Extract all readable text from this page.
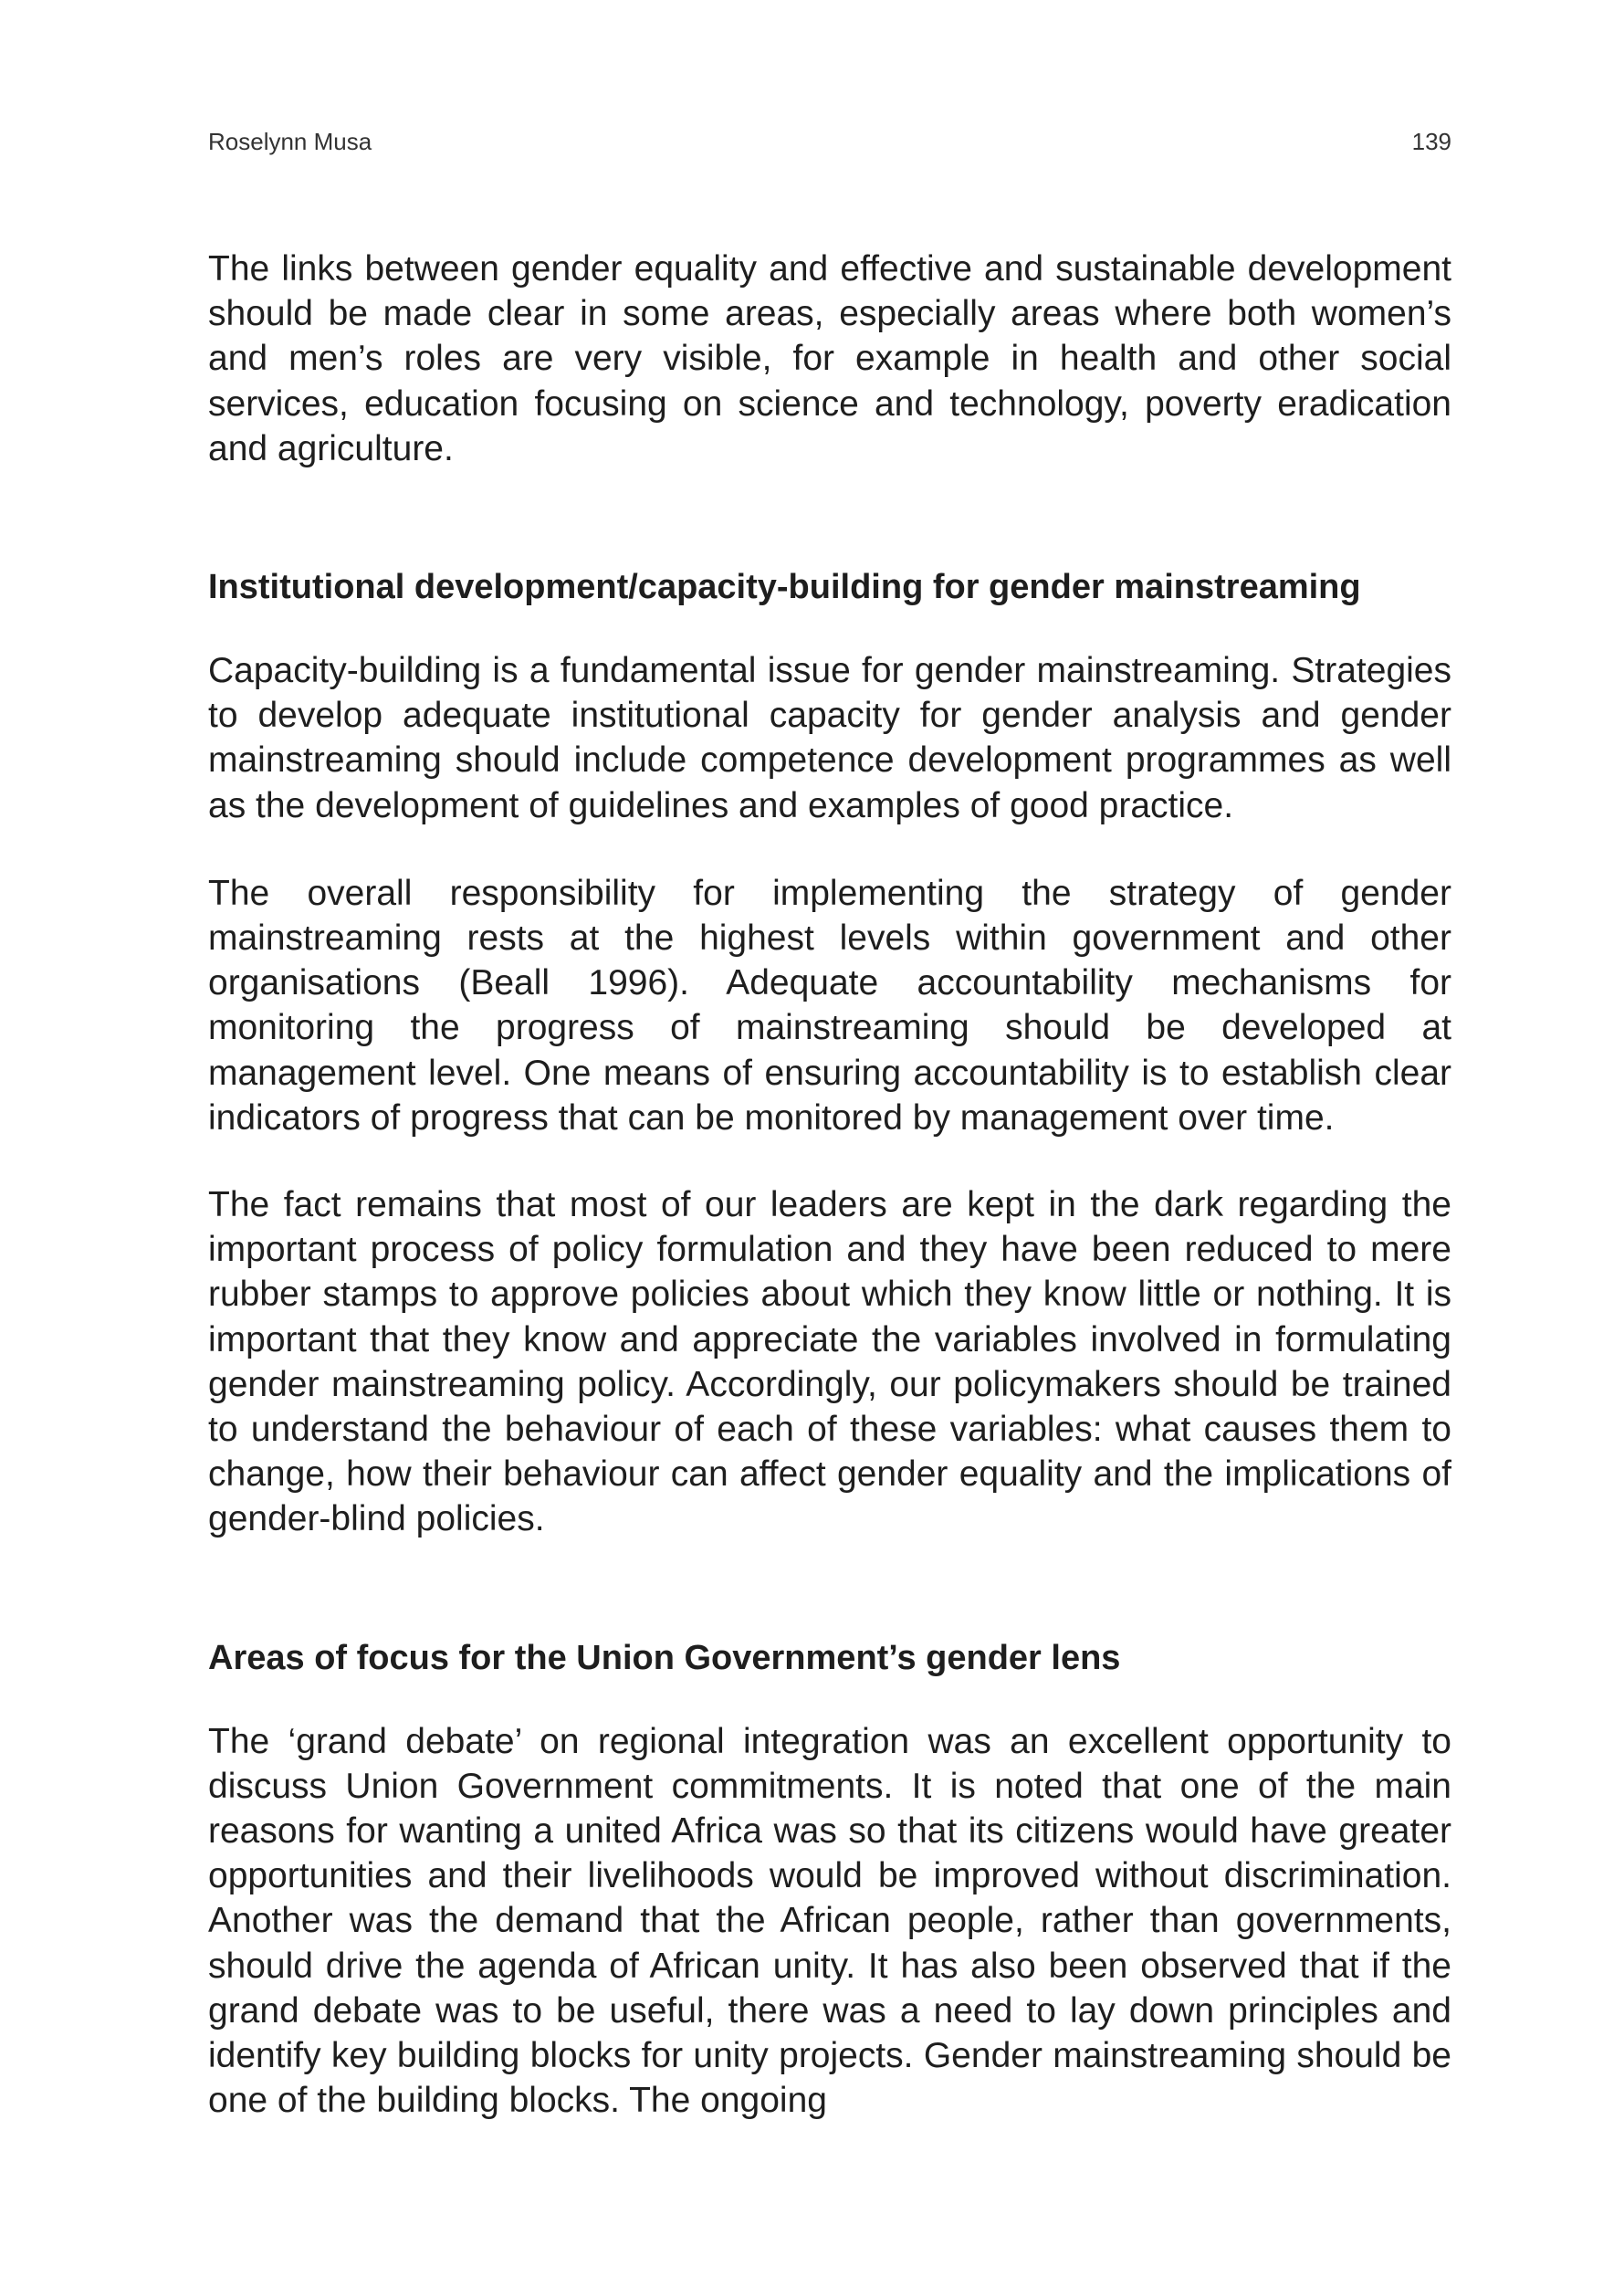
Roselynn Musa	139

The links between gender equality and effective and sustainable development should be made clear in some areas, especially areas where both women’s and men’s roles are very visible, for example in health and other social services, education focusing on science and technology, poverty eradication and agriculture.

Institutional development/capacity-building for gender mainstreaming

Capacity-building is a fundamental issue for gender mainstreaming. Strategies to develop adequate institutional capacity for gender analysis and gender mainstreaming should include competence development programmes as well as the development of guidelines and examples of good practice.

The overall responsibility for implementing the strategy of gender mainstreaming rests at the highest levels within government and other organisations (Beall 1996). Adequate accountability mechanisms for monitoring the progress of mainstreaming should be developed at management level. One means of ensuring accountability is to establish clear indicators of progress that can be monitored by management over time.

The fact remains that most of our leaders are kept in the dark regarding the important process of policy formulation and they have been reduced to mere rubber stamps to approve policies about which they know little or nothing. It is important that they know and appreciate the variables involved in formulating gender mainstreaming policy. Accordingly, our policymakers should be trained to understand the behaviour of each of these variables: what causes them to change, how their behaviour can affect gender equality and the implications of gender-blind policies.

Areas of focus for the Union Government’s gender lens

The ‘grand debate’ on regional integration was an excellent opportunity to discuss Union Government commitments. It is noted that one of the main reasons for wanting a united Africa was so that its citizens would have greater opportunities and their livelihoods would be improved without discrimination. Another was the demand that the African people, rather than governments, should drive the agenda of African unity. It has also been observed that if the grand debate was to be useful, there was a need to lay down principles and identify key building blocks for unity projects. Gender mainstreaming should be one of the building blocks. The ongoing
